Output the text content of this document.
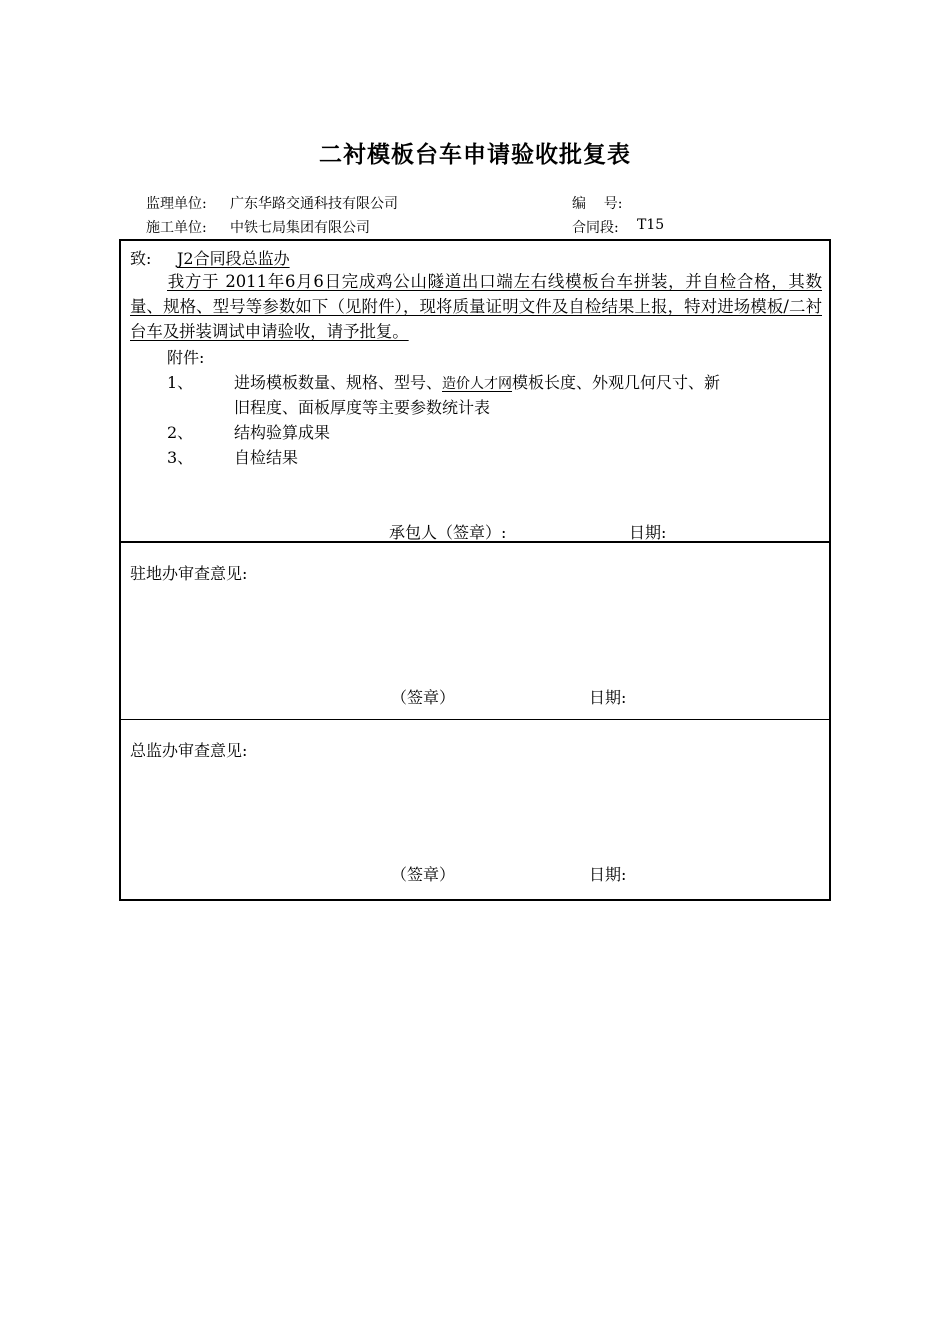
二衬模板台车申请验收批复表
监理单位: 广东华路交通科技有限公司	编    号:
施工单位: 中铁七局集团有限公司	合同段: T15
致: J2合同段总监办
我方于 2011年6月6日完成鸡公山隧道出口端左右线模板台车拼装，并自检合格，其数量、规格、型号等参数如下（见附件），现将质量证明文件及自检结果上报，特对进场模板/二衬台车及拼装调试申请验收，请予批复。
附件:
1、	进场模板数量、规格、型号、造价人才网模板长度、外观几何尺寸、新
旧程度、面板厚度等主要参数统计表
2、	结构验算成果
3、	自检结果
承包人（签章）:	日期:
驻地办审查意见:
（签章）	日期:
总监办审查意见:
（签章）	日期:
